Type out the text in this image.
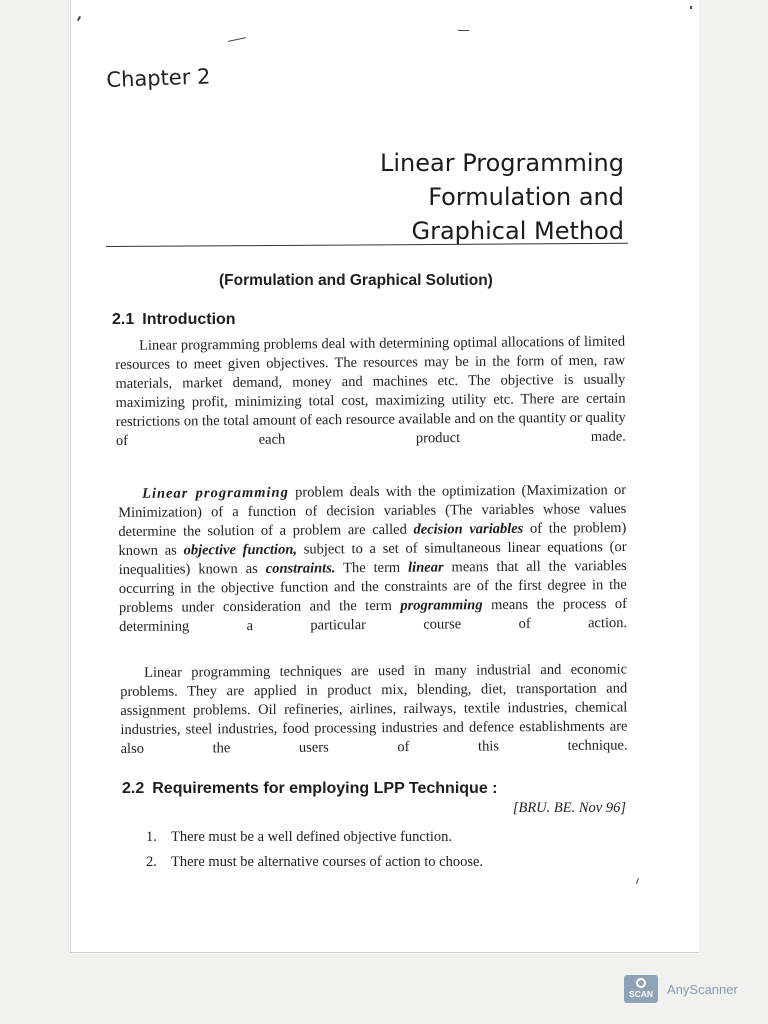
Chapter 2
Linear Programming
Formulation and
Graphical Method
(Formulation and Graphical Solution)
2.1 Introduction

Linear programming problems deal with determining optimal allocations of limited resources to meet given objectives. The resources may be in the form of men, raw materials, market demand, money and machines etc. The objective is usually maximizing profit, minimizing total cost, maximizing utility etc. There are certain restrictions on the total amount of each resource available and on the quantity or quality of each product made.

Linear programming problem deals with the optimization (Maximization or Minimization) of a function of decision variables (The variables whose values determine the solution of a problem are called decision variables of the problem) known as objective function, subject to a set of simultaneous linear equations (or inequalities) known as constraints. The term linear means that all the variables occurring in the objective function and the constraints are of the first degree in the problems under consideration and the term programming means the process of determining a particular course of action.

Linear programming techniques are used in many industrial and economic problems. They are applied in product mix, blending, diet, transportation and assignment problems. Oil refineries, airlines, railways, textile industries, chemical industries, steel industries, food processing industries and defence establishments are also the users of this technique.

2.2 Requirements for employing LPP Technique :
[BRU. BE. Nov 96]
1. There must be a well defined objective function.
2. There must be alternative courses of action to choose.
SCAN	AnyScanner
